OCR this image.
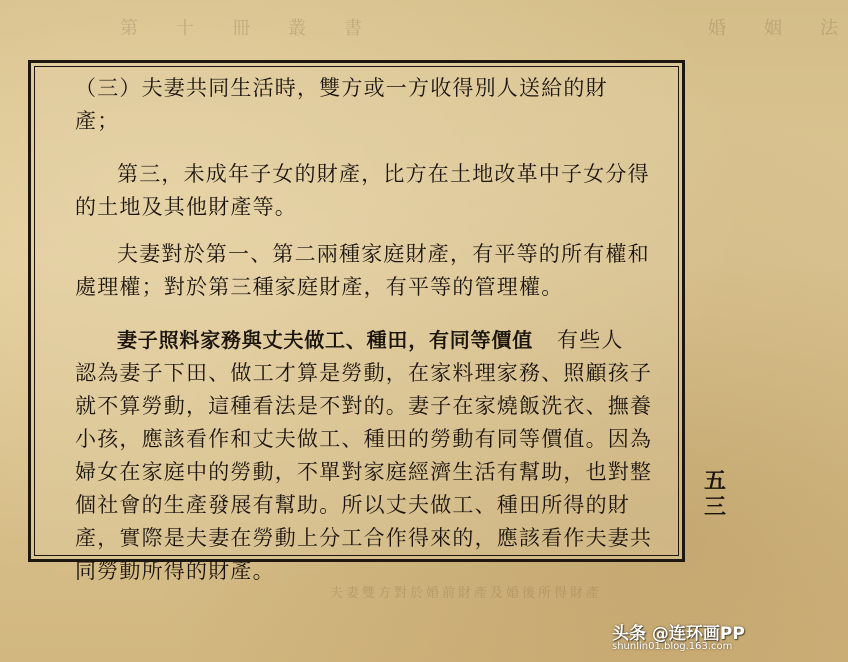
第　十　冊　叢　書　　　　　　　　　　　　婚　姻　法
夫妻雙方對於婚前財產及婚後所得財產
（三）夫妻共同生活時，雙方或一方收得別人送給的財
產；
第三，未成年子女的財產，比方在土地改革中子女分得
的土地及其他財產等。
夫妻對於第一、第二兩種家庭財產，有平等的所有權和
處理權；對於第三種家庭財產，有平等的管理權。
妻子照料家務與丈夫做工、種田，有同等價值 有些人
認為妻子下田、做工才算是勞動，在家料理家務、照顧孩子
就不算勞動，這種看法是不對的。妻子在家燒飯洗衣、撫養
小孩，應該看作和丈夫做工、種田的勞動有同等價值。因為
婦女在家庭中的勞動，不單對家庭經濟生活有幫助，也對整
個社會的生產發展有幫助。所以丈夫做工、種田所得的財
產，實際是夫妻在勞動上分工合作得來的，應該看作夫妻共
同勞動所得的財產。
五
三
头条 @连环画PP
shunlin01.blog.163.com
